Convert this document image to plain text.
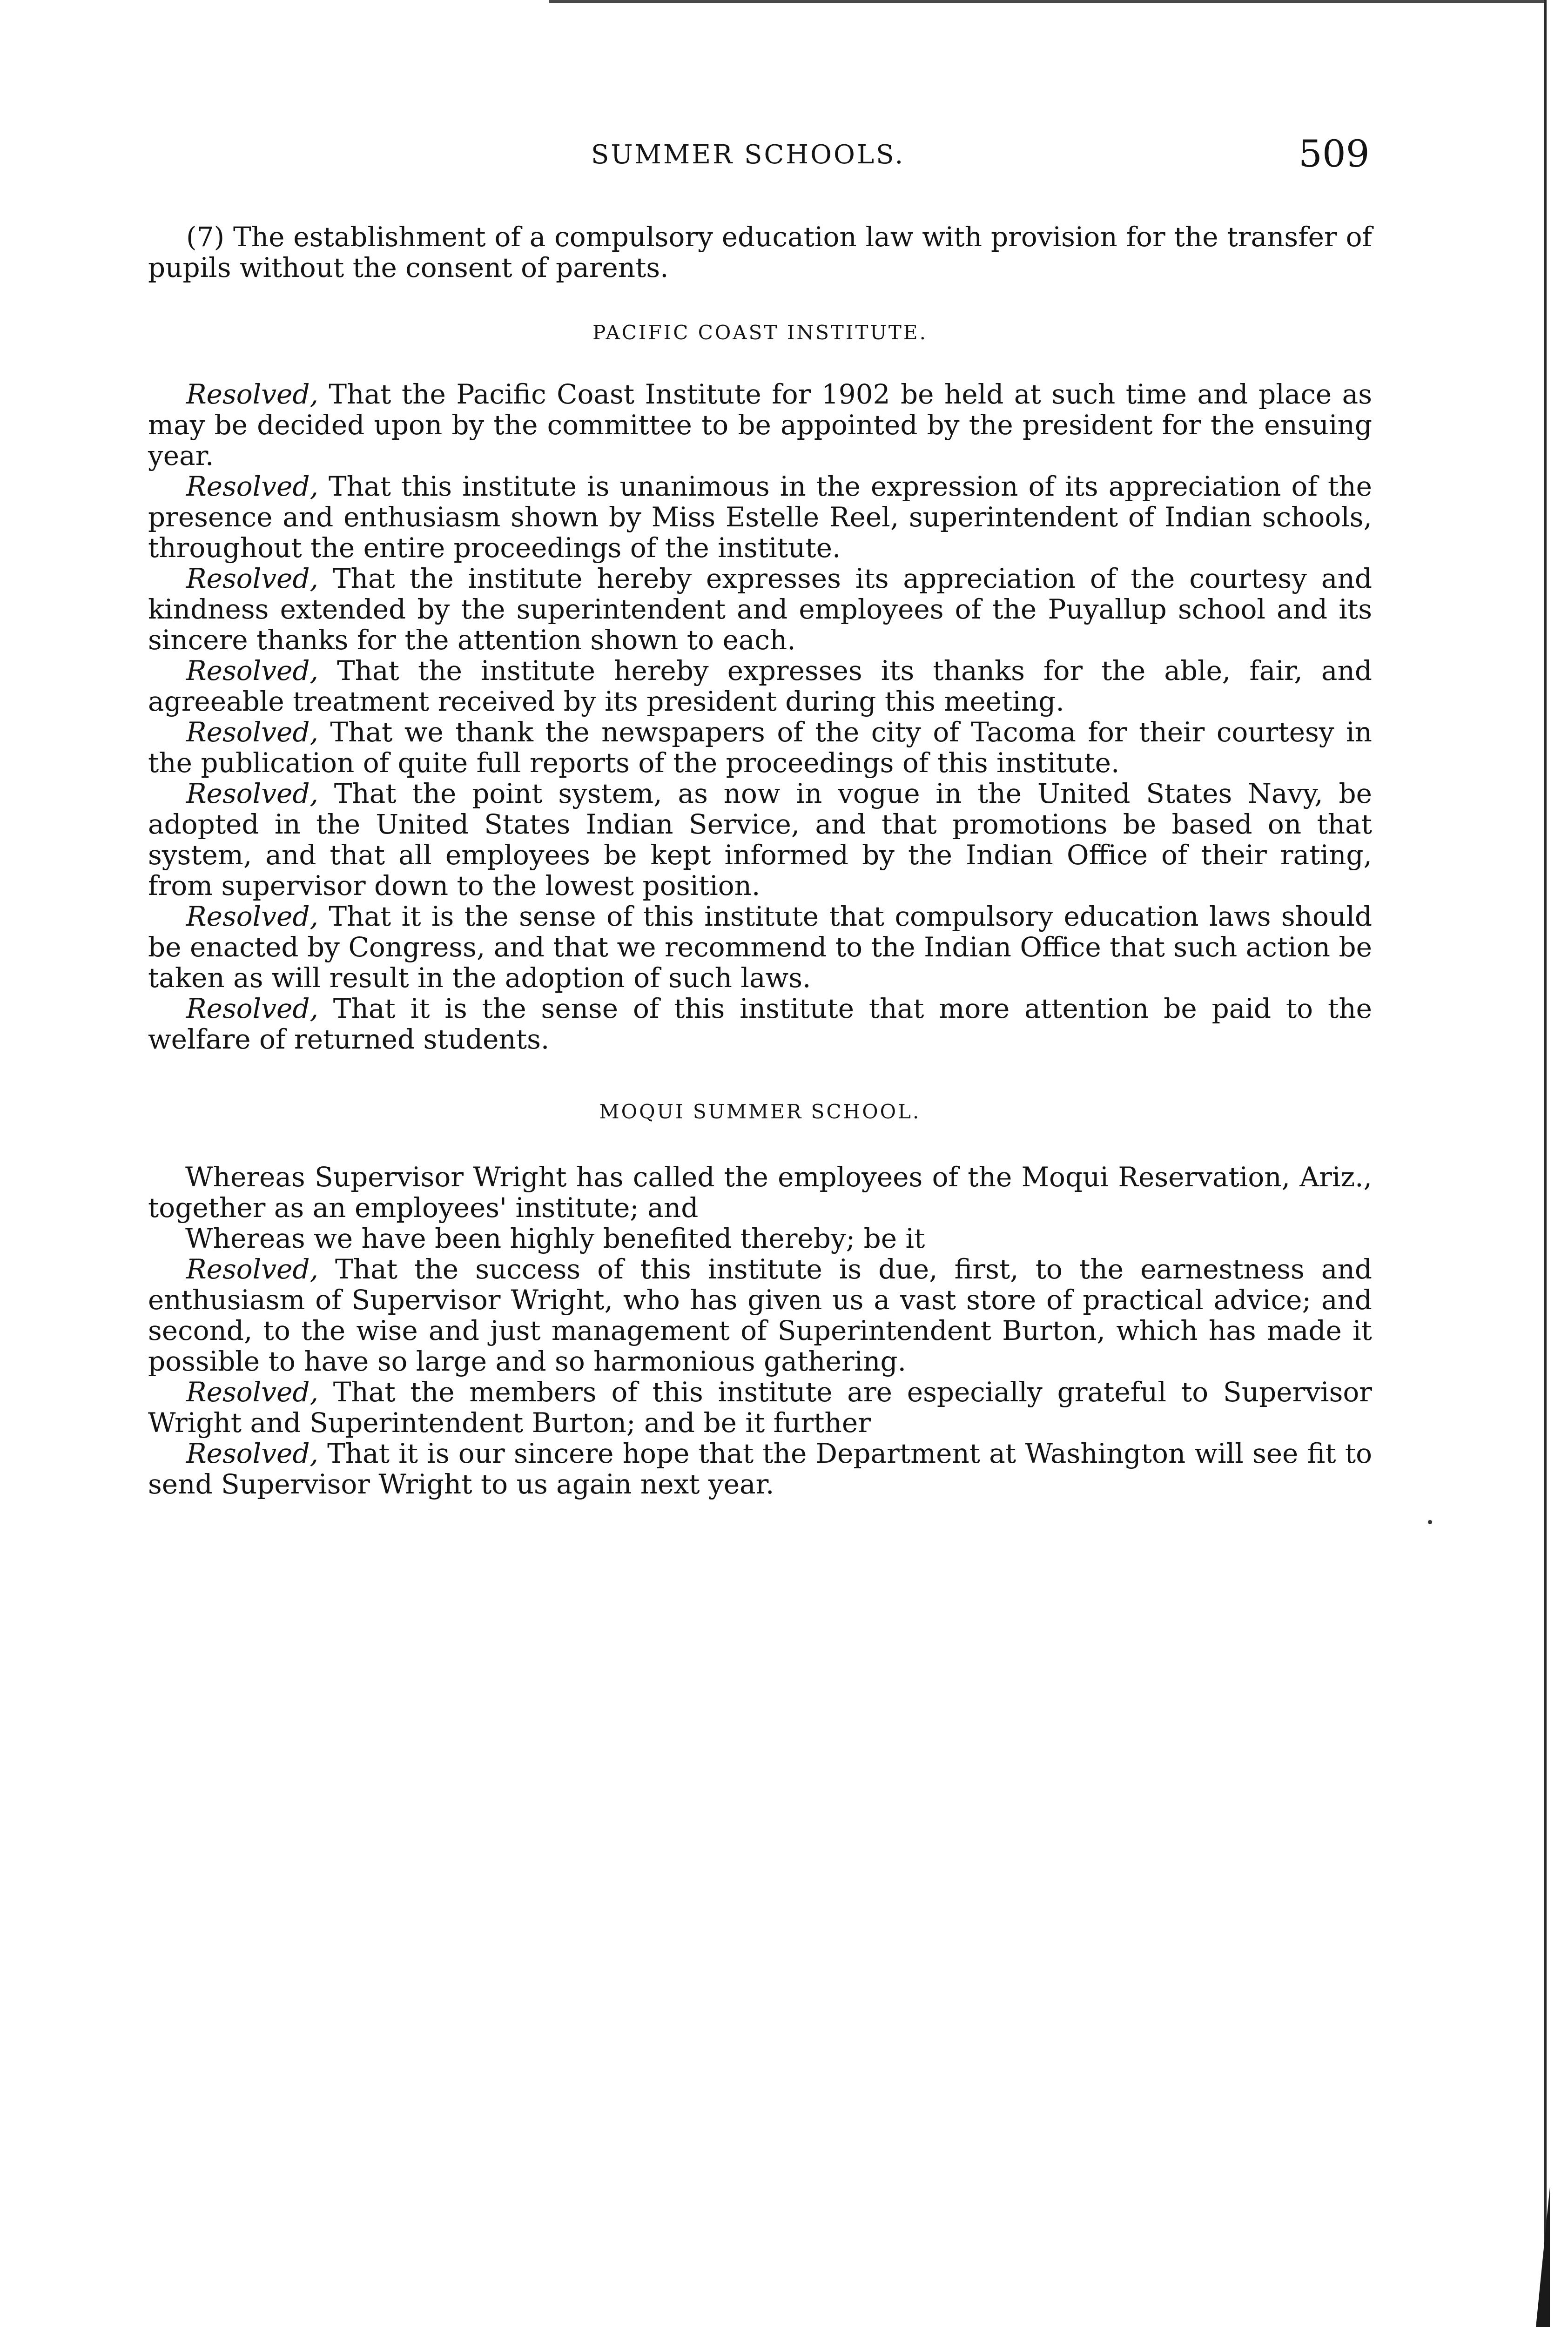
SUMMER SCHOOLS.	509

(7) The establishment of a compulsory education law with provision for the transfer of pupils without the consent of parents.

PACIFIC COAST INSTITUTE.

Resolved, That the Pacific Coast Institute for 1902 be held at such time and place as may be decided upon by the committee to be appointed by the president for the ensuing year.

Resolved, That this institute is unanimous in the expression of its appreciation of the presence and enthusiasm shown by Miss Estelle Reel, superintendent of Indian schools, throughout the entire proceedings of the institute.

Resolved, That the institute hereby expresses its appreciation of the courtesy and kindness extended by the superintendent and employees of the Puyallup school and its sincere thanks for the attention shown to each.

Resolved, That the institute hereby expresses its thanks for the able, fair, and agreeable treatment received by its president during this meeting.

Resolved, That we thank the newspapers of the city of Tacoma for their courtesy in the publication of quite full reports of the proceedings of this institute.

Resolved, That the point system, as now in vogue in the United States Navy, be adopted in the United States Indian Service, and that promotions be based on that system, and that all employees be kept informed by the Indian Office of their rating, from supervisor down to the lowest position.

Resolved, That it is the sense of this institute that compulsory education laws should be enacted by Congress, and that we recommend to the Indian Office that such action be taken as will result in the adoption of such laws.

Resolved, That it is the sense of this institute that more attention be paid to the welfare of returned students.

MOQUI SUMMER SCHOOL.

Whereas Supervisor Wright has called the employees of the Moqui Reservation, Ariz., together as an employees' institute; and

Whereas we have been highly benefited thereby; be it

Resolved, That the success of this institute is due, first, to the earnestness and enthusiasm of Supervisor Wright, who has given us a vast store of practical advice; and second, to the wise and just management of Superintendent Burton, which has made it possible to have so large and so harmonious gathering.

Resolved, That the members of this institute are especially grateful to Supervisor Wright and Superintendent Burton; and be it further

Resolved, That it is our sincere hope that the Department at Washington will see fit to send Supervisor Wright to us again next year.
